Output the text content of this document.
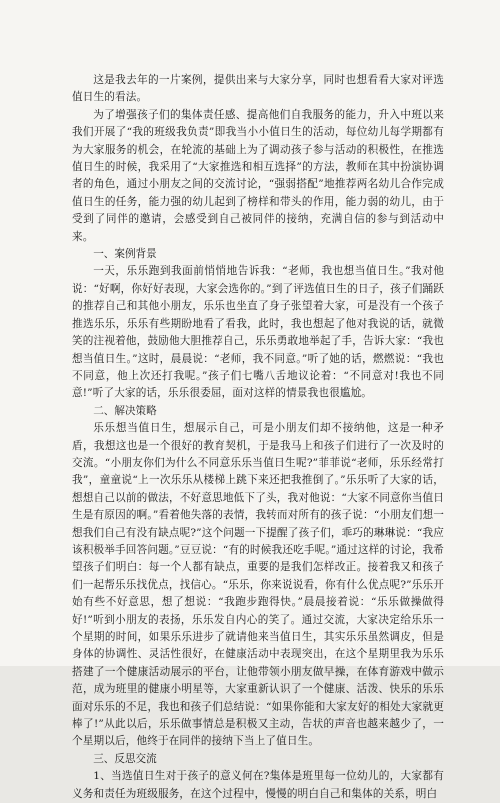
这是我去年的一片案例，提供出来与大家分享，同时也想看看大家对评选值日生的看法。

为了增强孩子们的集体责任感、提高他们自我服务的能力，升入中班以来我们开展了“我的班级我负责”即我当小小值日生的活动，每位幼儿每学期都有为大家服务的机会，在轮流的基础上为了调动孩子参与活动的积极性，在推选值日生的时候，我采用了“大家推选和相互选择”的方法，教师在其中扮演协调者的角色，通过小朋友之间的交流讨论，“强弱搭配”地推荐两名幼儿合作完成值日生的任务，能力强的幼儿起到了榜样和带头的作用，能力弱的幼儿，由于受到了同伴的邀请，会感受到自己被同伴的接纳，充满自信的参与到活动中来。

一、案例背景

一天，乐乐跑到我面前悄悄地告诉我：“老师，我也想当值日生。”我对他说：“好啊，你好好表现，大家会选你的。”到了评选值日生的日子，孩子们踊跃的推荐自己和其他小朋友，乐乐也坐直了身子张望着大家，可是没有一个孩子推选乐乐，乐乐有些期盼地看了看我，此时，我也想起了他对我说的话，就微笑的注视着他，鼓励他大胆推荐自己，乐乐勇敢地举起了手，告诉大家：“我也想当值日生。”这时，晨晨说：“老师，我不同意。”听了她的话，燃燃说：“我也不同意，他上次还打我呢。”孩子们七嘴八舌地议论着：“不同意对!我也不同意!”听了大家的话，乐乐很委屈，面对这样的情景我也很尴尬。

二、解决策略

乐乐想当值日生，想展示自己，可是小朋友们却不接纳他，这是一种矛盾，我想这也是一个很好的教育契机，于是我马上和孩子们进行了一次及时的交流。“小朋友你们为什么不同意乐乐当值日生呢?”菲菲说“老师，乐乐经常打我”，童童说“上一次乐乐从楼梯上跳下来还把我推倒了。”乐乐听了大家的话，想想自己以前的做法，不好意思地低下了头，我对他说：“大家不同意你当值日生是有原因的啊。”看着他失落的表情，我转而对所有的孩子说：“小朋友们想一想我们自己有没有缺点呢?”这个问题一下提醒了孩子们，乖巧的琳琳说：“我应该积极举手回答问题。”豆豆说：“有的时候我还吃手呢。”通过这样的讨论，我希望孩子们明白：每一个人都有缺点，重要的是我们怎样改正。接着我又和孩子们一起帮乐乐找优点，找信心。“乐乐，你来说说看，你有什么优点呢?”乐乐开始有些不好意思，想了想说：“我跑步跑得快。”晨晨接着说：“乐乐做操做得好!”听到小朋友的表扬，乐乐发自内心的笑了。通过交流，大家决定给乐乐一个星期的时间，如果乐乐进步了就请他来当值日生，其实乐乐虽然调皮，但是身体的协调性、灵活性很好，在健康活动中表现突出，在这个星期里我为乐乐搭建了一个健康活动展示的平台，让他带领小朋友做早操，在体育游戏中做示范，成为班里的健康小明星等，大家重新认识了一个健康、活泼、快乐的乐乐面对乐乐的不足，我也和孩子们总结说：“如果你能和大家友好的相处大家就更棒了!”从此以后，乐乐做事情总是积极又主动，告状的声音也越来越少了，一个星期以后，他终于在同伴的接纳下当上了值日生。

三、反思交流

1、当选值日生对于孩子的意义何在?集体是班里每一位幼儿的，大家都有义务和责任为班级服务，在这个过程中，慢慢的明白自己和集体的关系，明白
